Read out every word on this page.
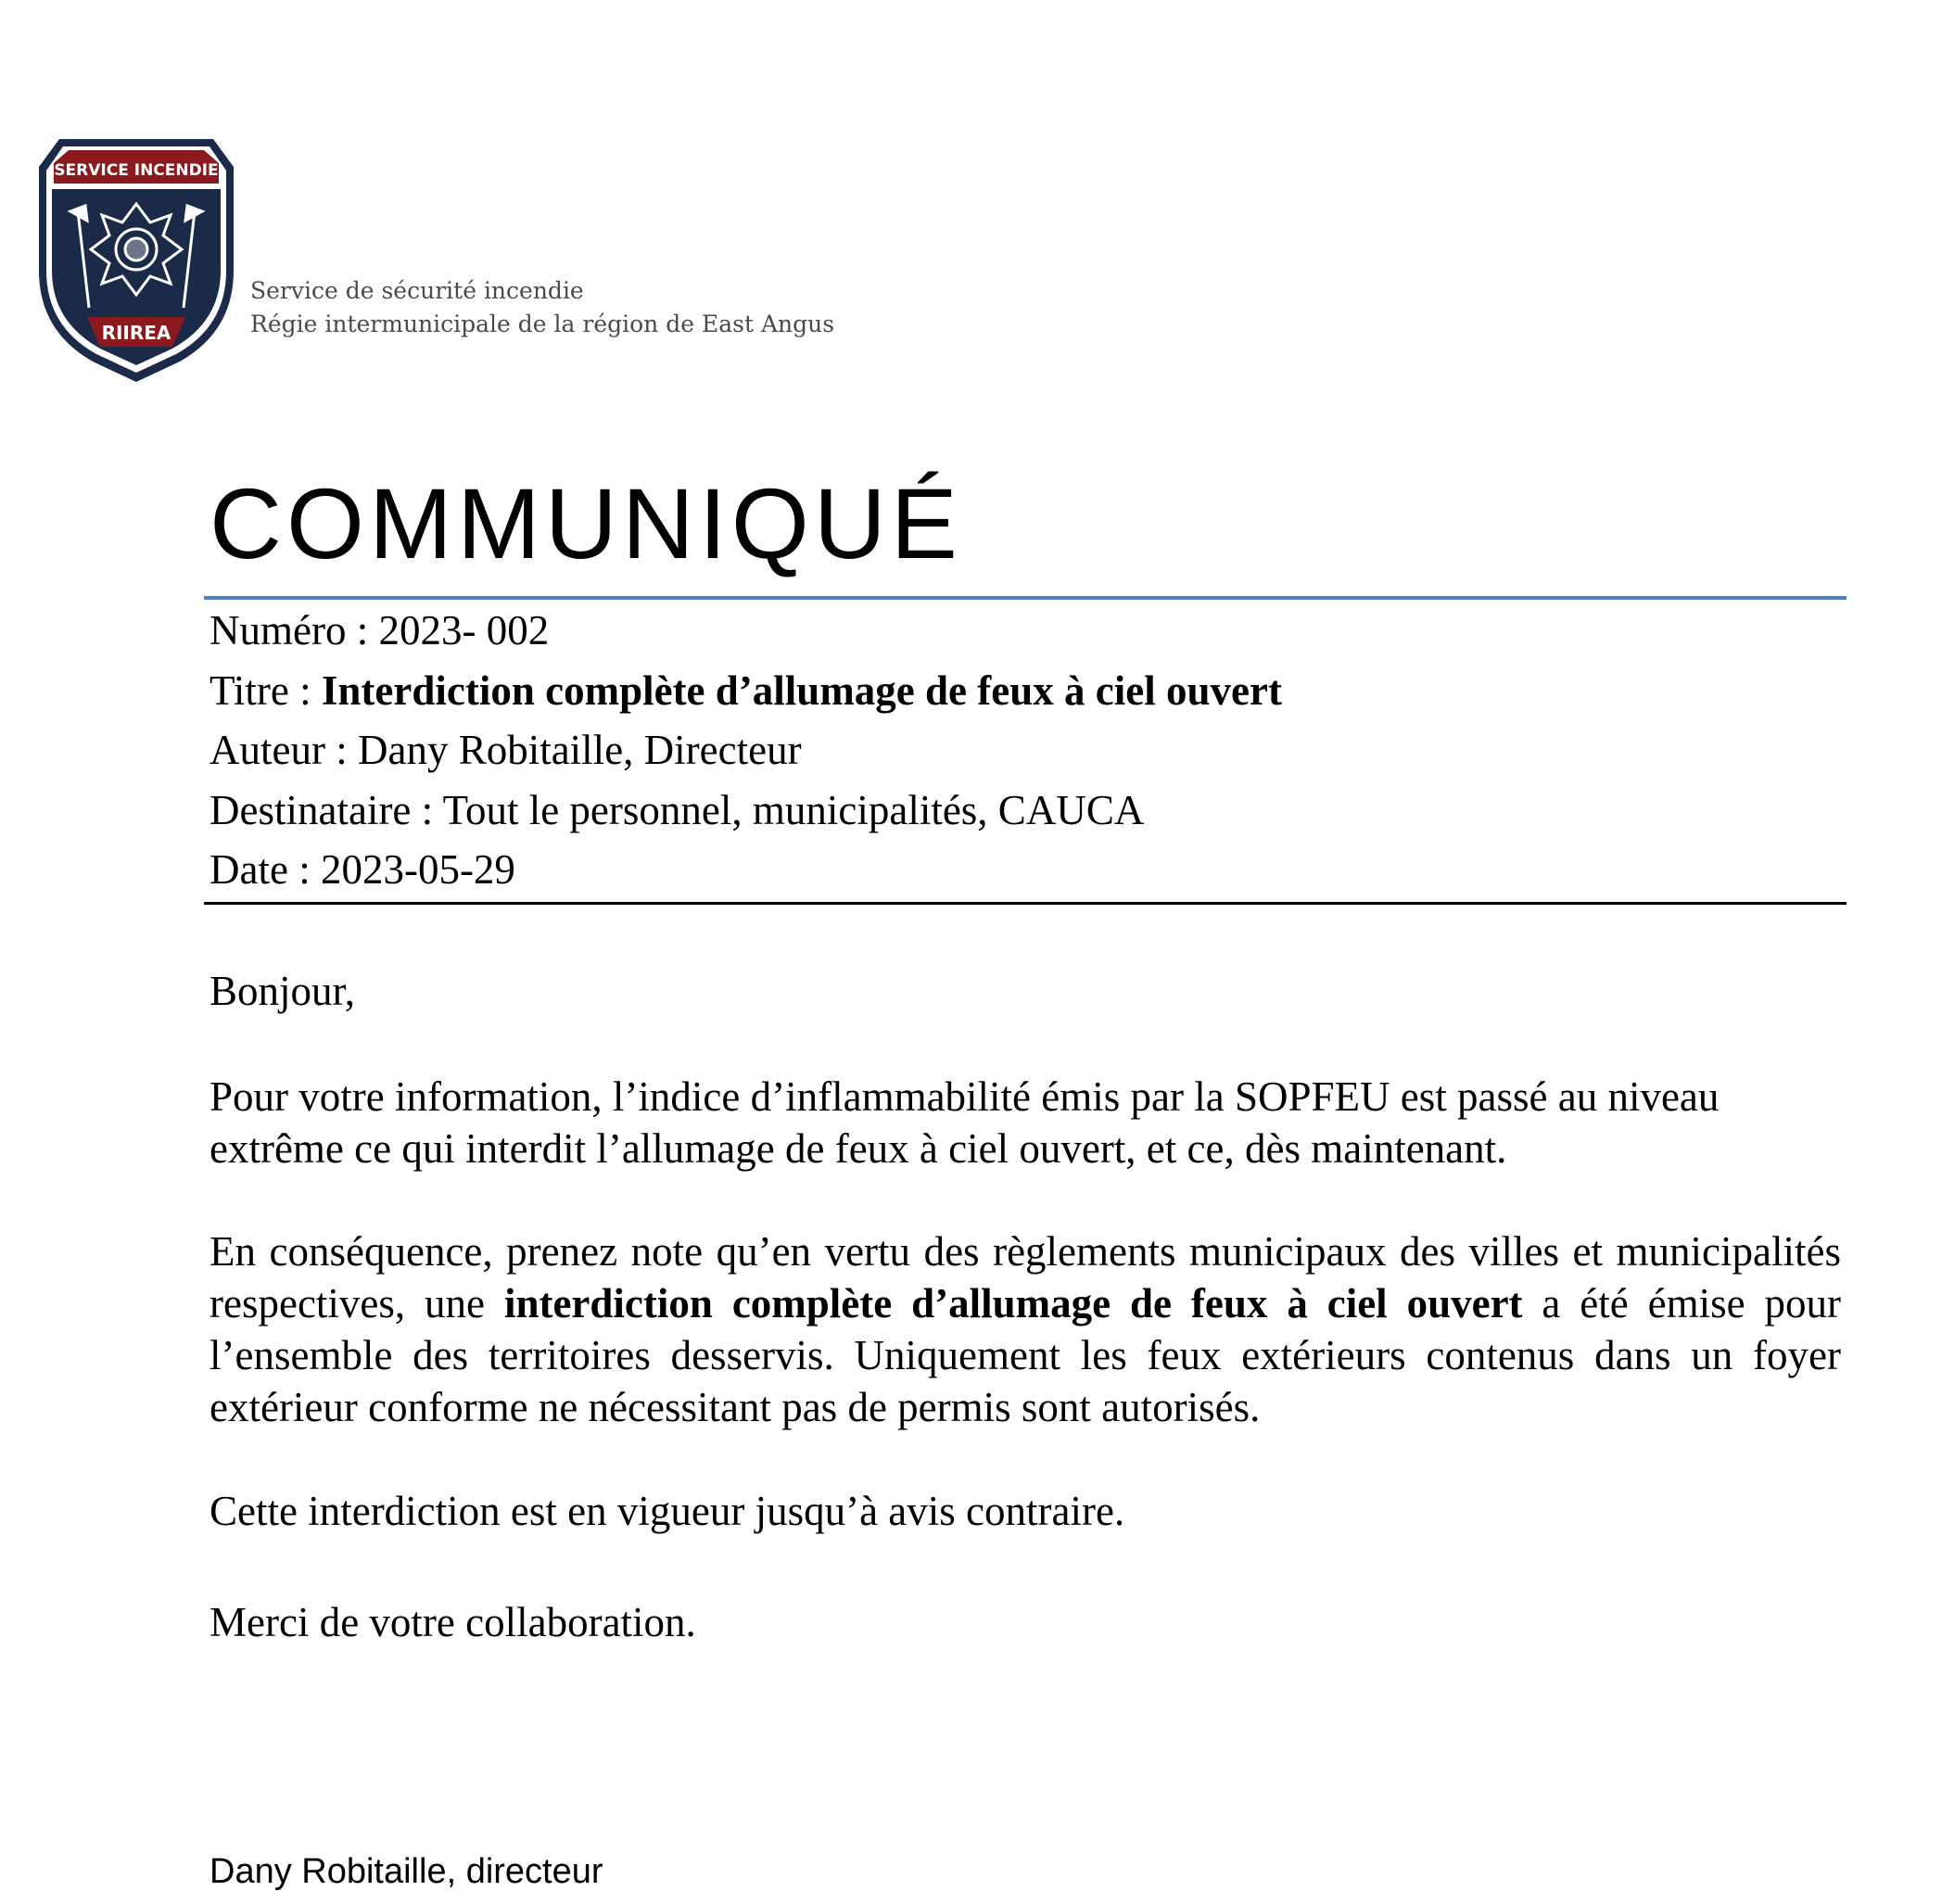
SERVICE INCENDIE
RIIREA
Service de sécurité incendie
Régie intermunicipale de la région de East Angus
COMMUNIQUÉ
Numéro : 2023- 002
Titre : Interdiction complète d’allumage de feux à ciel ouvert
Auteur : Dany Robitaille, Directeur
Destinataire : Tout le personnel, municipalités, CAUCA
Date : 2023-05-29

Bonjour,

Pour votre information, l’indice d’inflammabilité émis par la SOPFEU est passé au niveau extrême ce qui interdit l’allumage de feux à ciel ouvert, et ce, dès maintenant.

En conséquence, prenez note qu’en vertu des règlements municipaux des villes et municipalités respectives, une interdiction complète d’allumage de feux à ciel ouvert a été émise pour l’ensemble des territoires desservis. Uniquement les feux extérieurs contenus dans un foyer extérieur conforme ne nécessitant pas de permis sont autorisés.

Cette interdiction est en vigueur jusqu’à avis contraire.

Merci de votre collaboration.

Dany Robitaille, directeur
